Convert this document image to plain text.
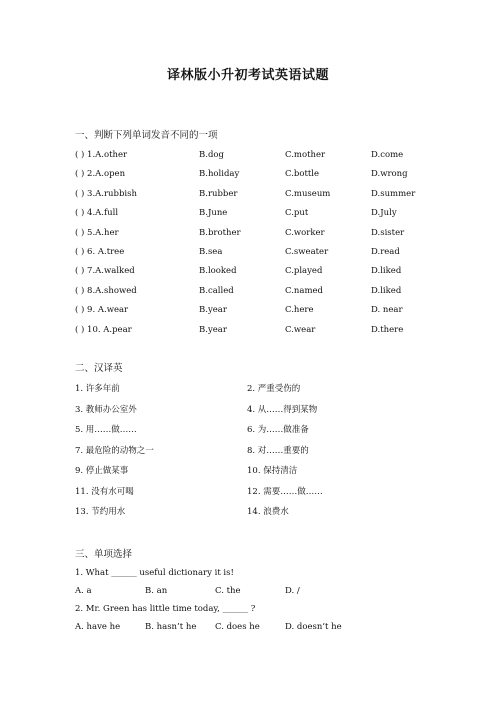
译林版小升初考试英语试题
一、判断下列单词发音不同的一项
( ) 1.A.other	B.dog	C.mother	D.come
( ) 2.A.open	B.holiday	C.bottle	D.wrong
( ) 3.A.rubbish	B.rubber	C.museum	D.summer
( ) 4.A.full	B.June	C.put	D.July
( ) 5.A.her	B.brother	C.worker	D.sister
( ) 6. A.tree	B.sea	C.sweater	D.read
( ) 7.A.walked	B.looked	C.played	D.liked
( ) 8.A.showed	B.called	C.named	D.liked
( ) 9. A.wear	B.year	C.here	D. near
( ) 10. A.pear	B.year	C.wear	D.there
二、汉译英
1. 许多年前	2. 严重受伤的
3. 教师办公室外	4. 从……得到某物
5. 用……做……	6. 为……做准备
7. 最危险的动物之一	8. 对……重要的
9. 停止做某事	10. 保持清洁
11. 没有水可喝	12. 需要……做……
13. 节约用水	14. 浪费水
三、单项选择
1. What ______ useful dictionary it is!
A. a	B. an	C. the	D. /
2. Mr. Green has little time today, ______ ?
A. have he	B. hasn’t he C. does he	D. doesn’t he
